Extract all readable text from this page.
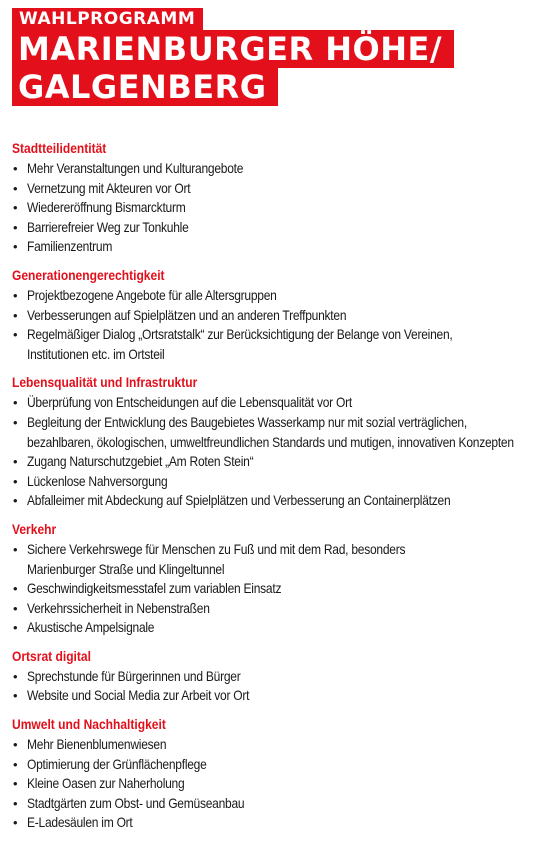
WAHLPROGRAMM
MARIENBURGER HÖHE/
GALGENBERG
Stadtteilidentität
• Mehr Veranstaltungen und Kulturangebote
• Vernetzung mit Akteuren vor Ort
• Wiedereröffnung Bismarckturm
• Barrierefreier Weg zur Tonkuhle
• Familienzentrum
Generationengerechtigkeit
• Projektbezogene Angebote für alle Altersgruppen
• Verbesserungen auf Spielplätzen und an anderen Treffpunkten
• Regelmäßiger Dialog „Ortsratstalk“ zur Berücksichtigung der Belange von Vereinen,
Institutionen etc. im Ortsteil
Lebensqualität und Infrastruktur
• Überprüfung von Entscheidungen auf die Lebensqualität vor Ort
• Begleitung der Entwicklung des Baugebietes Wasserkamp nur mit sozial verträglichen,
bezahlbaren, ökologischen, umweltfreundlichen Standards und mutigen, innovativen Konzepten
• Zugang Naturschutzgebiet „Am Roten Stein“
• Lückenlose Nahversorgung
• Abfalleimer mit Abdeckung auf Spielplätzen und Verbesserung an Containerplätzen
Verkehr
• Sichere Verkehrswege für Menschen zu Fuß und mit dem Rad, besonders
Marienburger Straße und Klingeltunnel
• Geschwindigkeitsmesstafel zum variablen Einsatz
• Verkehrssicherheit in Nebenstraßen
• Akustische Ampelsignale
Ortsrat digital
• Sprechstunde für Bürgerinnen und Bürger
• Website und Social Media zur Arbeit vor Ort
Umwelt und Nachhaltigkeit
• Mehr Bienenblumenwiesen
• Optimierung der Grünflächenpflege
• Kleine Oasen zur Naherholung
• Stadtgärten zum Obst- und Gemüseanbau
• E-Ladesäulen im Ort
